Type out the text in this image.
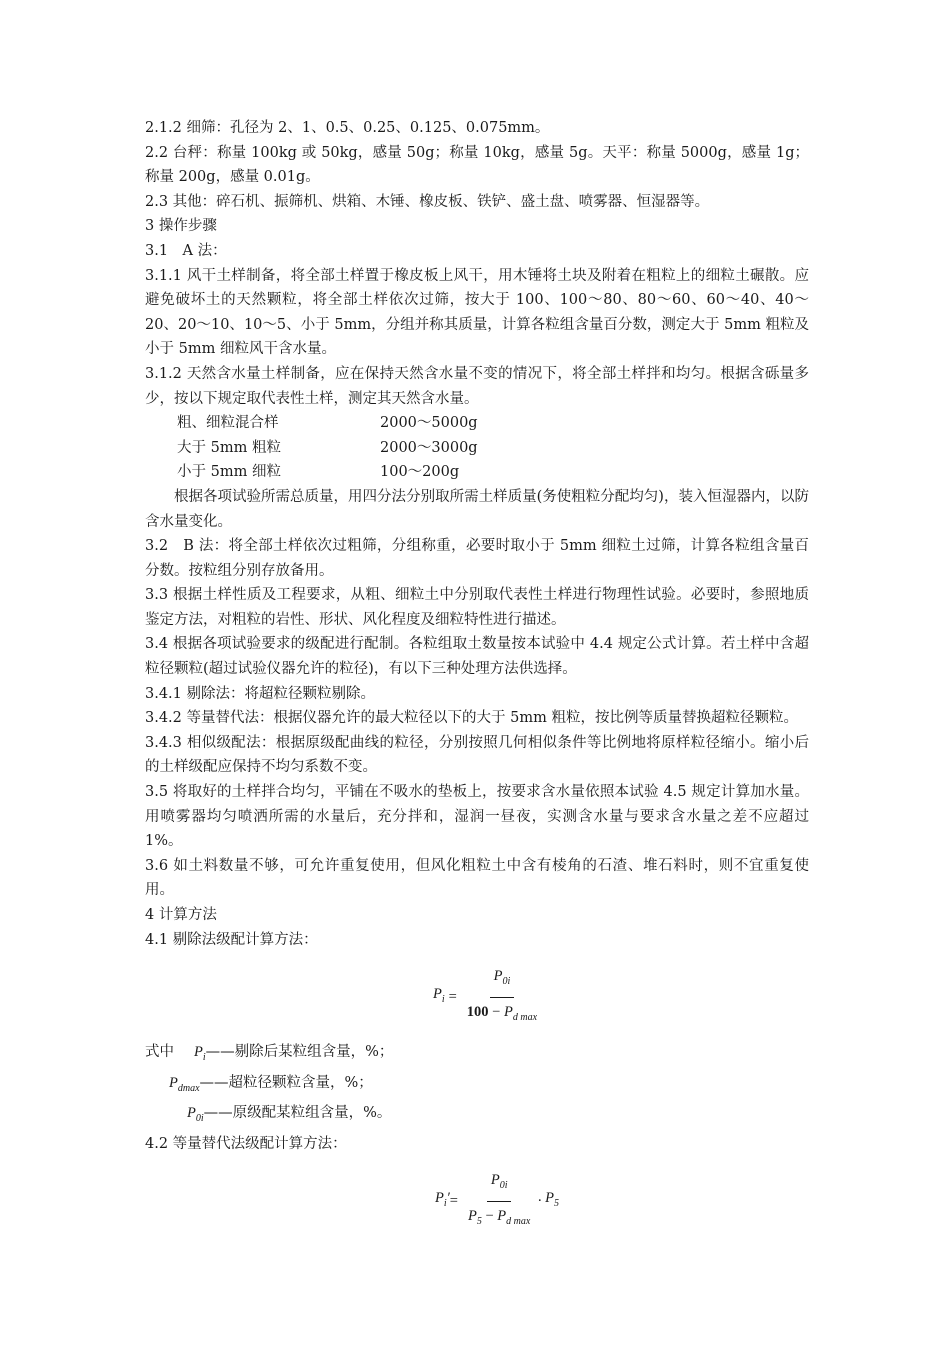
2.1.2 细筛：孔径为 2、1、0.5、0.25、0.125、0.075mm。

2.2 台秤：称量 100kg 或 50kg，感量 50g；称量 10kg，感量 5g。天平：称量 5000g，感量 1g；称量 200g，感量 0.01g。

2.3 其他：碎石机、振筛机、烘箱、木锤、橡皮板、铁铲、盛土盘、喷雾器、恒湿器等。

3 操作步骤

3.1　A 法：

3.1.1 风干土样制备，将全部土样置于橡皮板上风干，用木锤将土块及附着在粗粒上的细粒土碾散。应避免破坏土的天然颗粒，将全部土样依次过筛，按大于 100、100～80、80～60、60～40、40～20、20～10、10～5、小于 5mm，分组并称其质量，计算各粒组含量百分数，测定大于 5mm 粗粒及小于 5mm 细粒风干含水量。

3.1.2 天然含水量土样制备，应在保持天然含水量不变的情况下，将全部土样拌和均匀。根据含砾量多少，按以下规定取代表性土样，测定其天然含水量。

粗、细粒混合样	2000～5000g
大于 5mm 粗粒	2000～3000g
小于 5mm 细粒	100～200g

根据各项试验所需总质量，用四分法分别取所需土样质量(务使粗粒分配均匀)，装入恒湿器内，以防含水量变化。

3.2　B 法：将全部土样依次过粗筛，分组称重，必要时取小于 5mm 细粒土过筛，计算各粒组含量百分数。按粒组分别存放备用。

3.3 根据土样性质及工程要求，从粗、细粒土中分别取代表性土样进行物理性试验。必要时，参照地质鉴定方法，对粗粒的岩性、形状、风化程度及细粒特性进行描述。

3.4 根据各项试验要求的级配进行配制。各粒组取土数量按本试验中 4.4 规定公式计算。若土样中含超粒径颗粒(超过试验仪器允许的粒径)，有以下三种处理方法供选择。

3.4.1 剔除法：将超粒径颗粒剔除。

3.4.2 等量替代法：根据仪器允许的最大粒径以下的大于 5mm 粗粒，按比例等质量替换超粒径颗粒。

3.4.3 相似级配法：根据原级配曲线的粒径，分别按照几何相似条件等比例地将原样粒径缩小。缩小后的土样级配应保持不均匀系数不变。

3.5 将取好的土样拌合均匀，平铺在不吸水的垫板上，按要求含水量依照本试验 4.5 规定计算加水量。用喷雾器均匀喷洒所需的水量后，充分拌和，湿润一昼夜，实测含水量与要求含水量之差不应超过 1%。

3.6 如土料数量不够，可允许重复使用，但风化粗粒土中含有棱角的石渣、堆石料时，则不宜重复使用。

4 计算方法

4.1 剔除法级配计算方法：

$P_i = \frac{P_{0i}}{100 - P_{d max}}$

式中	$P_i$ ——剔除后某粒组含量，%；

$P_{dmax}$ ——超粒径颗粒含量，%；

$P_{0i}$ ——原级配某粒组含量，%。

4.2 等量替代法级配计算方法：

$P_i' = \frac{P_{0i}}{P_5 - P_{d max}} \cdot P_5$
